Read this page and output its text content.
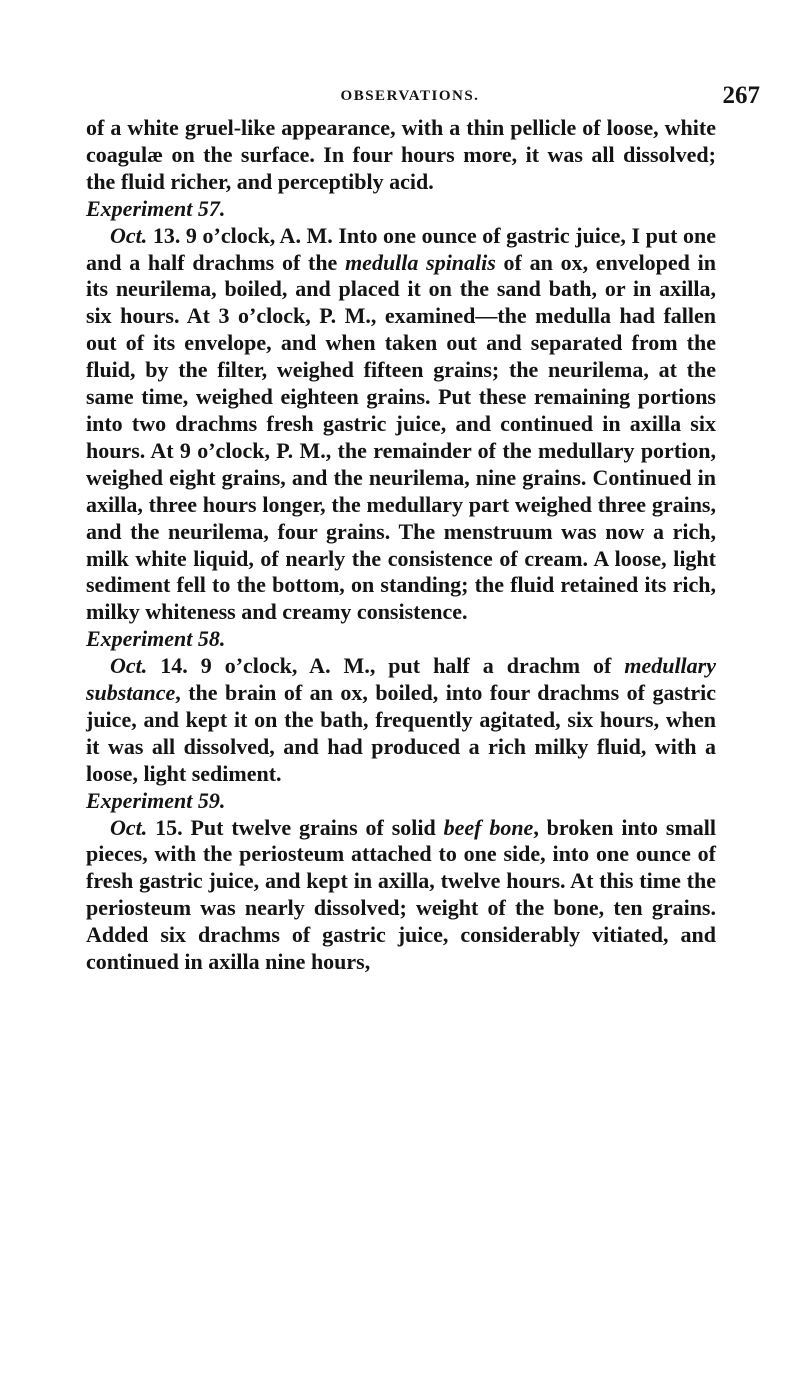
OBSERVATIONS.	267

of a white gruel-like appearance, with a thin pellicle of loose, white coagulæ on the surface. In four hours more, it was all dissolved; the fluid richer, and perceptibly acid.

Experiment 57.

Oct. 13. 9 o’clock, A. M. Into one ounce of gastric juice, I put one and a half drachms of the medulla spinalis of an ox, enveloped in its neurilema, boiled, and placed it on the sand bath, or in axilla, six hours. At 3 o’clock, P. M., examined—the medulla had fallen out of its envelope, and when taken out and separated from the fluid, by the filter, weighed fifteen grains; the neurilema, at the same time, weighed eighteen grains. Put these remaining portions into two drachms fresh gastric juice, and continued in axilla six hours. At 9 o’clock, P. M., the remainder of the medullary portion, weighed eight grains, and the neurilema, nine grains. Continued in axilla, three hours longer, the medullary part weighed three grains, and the neurilema, four grains. The menstruum was now a rich, milk white liquid, of nearly the consistence of cream. A loose, light sediment fell to the bottom, on standing; the fluid retained its rich, milky whiteness and creamy consistence.

Experiment 58.

Oct. 14. 9 o’clock, A. M., put half a drachm of medullary substance, the brain of an ox, boiled, into four drachms of gastric juice, and kept it on the bath, frequently agitated, six hours, when it was all dissolved, and had produced a rich milky fluid, with a loose, light sediment.

Experiment 59.

Oct. 15. Put twelve grains of solid beef bone, broken into small pieces, with the periosteum attached to one side, into one ounce of fresh gastric juice, and kept in axilla, twelve hours. At this time the periosteum was nearly dissolved; weight of the bone, ten grains. Added six drachms of gastric juice, considerably vitiated, and continued in axilla nine hours,
